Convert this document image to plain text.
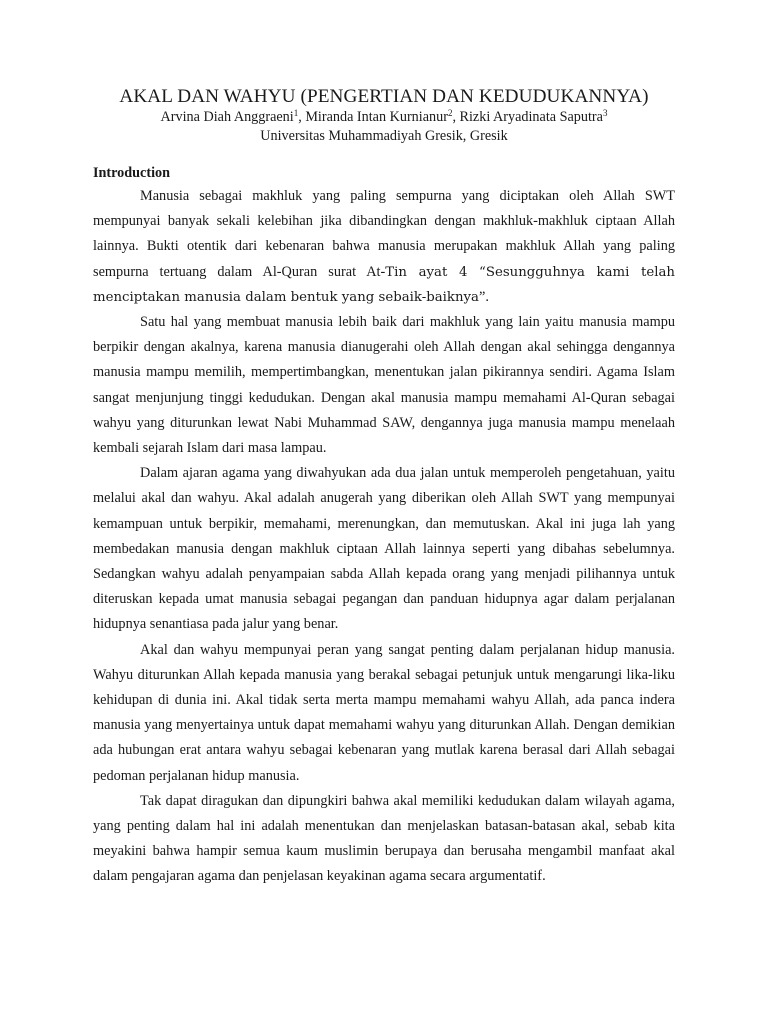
AKAL DAN WAHYU (PENGERTIAN DAN KEDUDUKANNYA)

Arvina Diah Anggraeni$^1$, Miranda Intan Kurnianur$^2$, Rizki Aryadinata Saputra$^3$

Universitas Muhammadiyah Gresik, Gresik

Introduction

Manusia sebagai makhluk yang paling sempurna yang diciptakan oleh Allah SWT mempunyai banyak sekali kelebihan jika dibandingkan dengan makhluk-makhluk ciptaan Allah lainnya. Bukti otentik dari kebenaran bahwa manusia merupakan makhluk Allah yang paling sempurna tertuang dalam Al-Quran surat At-Tin ayat 4 “Sesungguhnya kami telah menciptakan manusia dalam bentuk yang sebaik-baiknya”.

Satu hal yang membuat manusia lebih baik dari makhluk yang lain yaitu manusia mampu berpikir dengan akalnya, karena manusia dianugerahi oleh Allah dengan akal sehingga dengannya manusia mampu memilih, mempertimbangkan, menentukan jalan pikirannya sendiri. Agama Islam sangat menjunjung tinggi kedudukan. Dengan akal manusia mampu memahami Al-Quran sebagai wahyu yang diturunkan lewat Nabi Muhammad SAW, dengannya juga manusia mampu menelaah kembali sejarah Islam dari masa lampau.

Dalam ajaran agama yang diwahyukan ada dua jalan untuk memperoleh pengetahuan, yaitu melalui akal dan wahyu. Akal adalah anugerah yang diberikan oleh Allah SWT yang mempunyai kemampuan untuk berpikir, memahami, merenungkan, dan memutuskan. Akal ini juga lah yang membedakan manusia dengan makhluk ciptaan Allah lainnya seperti yang dibahas sebelumnya. Sedangkan wahyu adalah penyampaian sabda Allah kepada orang yang menjadi pilihannya untuk diteruskan kepada umat manusia sebagai pegangan dan panduan hidupnya agar dalam perjalanan hidupnya senantiasa pada jalur yang benar.

Akal dan wahyu mempunyai peran yang sangat penting dalam perjalanan hidup manusia. Wahyu diturunkan Allah kepada manusia yang berakal sebagai petunjuk untuk mengarungi lika-liku kehidupan di dunia ini. Akal tidak serta merta mampu memahami wahyu Allah, ada panca indera manusia yang menyertainya untuk dapat memahami wahyu yang diturunkan Allah. Dengan demikian ada hubungan erat antara wahyu sebagai kebenaran yang mutlak karena berasal dari Allah sebagai pedoman perjalanan hidup manusia.

Tak dapat diragukan dan dipungkiri bahwa akal memiliki kedudukan dalam wilayah agama, yang penting dalam hal ini adalah menentukan dan menjelaskan batasan-batasan akal, sebab kita meyakini bahwa hampir semua kaum muslimin berupaya dan berusaha mengambil manfaat akal dalam pengajaran agama dan penjelasan keyakinan agama secara argumentatif.
